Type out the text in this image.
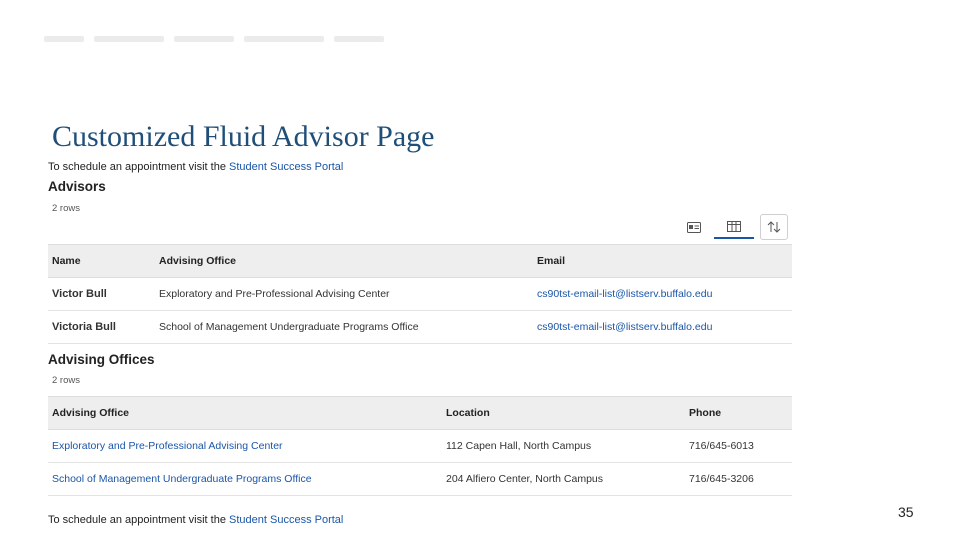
Customized Fluid Advisor Page
To schedule an appointment visit the Student Success Portal
Advisors
2 rows
Name	Advising Office	Email
Victor Bull	Exploratory and Pre-Professional Advising Center	cs90tst-email-list@listserv.buffalo.edu
Victoria Bull	School of Management Undergraduate Programs Office	cs90tst-email-list@listserv.buffalo.edu
Advising Offices
2 rows
Advising Office	Location	Phone
Exploratory and Pre-Professional Advising Center	112 Capen Hall, North Campus	716/645-6013
School of Management Undergraduate Programs Office	204 Alfiero Center, North Campus	716/645-3206
To schedule an appointment visit the Student Success Portal	35
